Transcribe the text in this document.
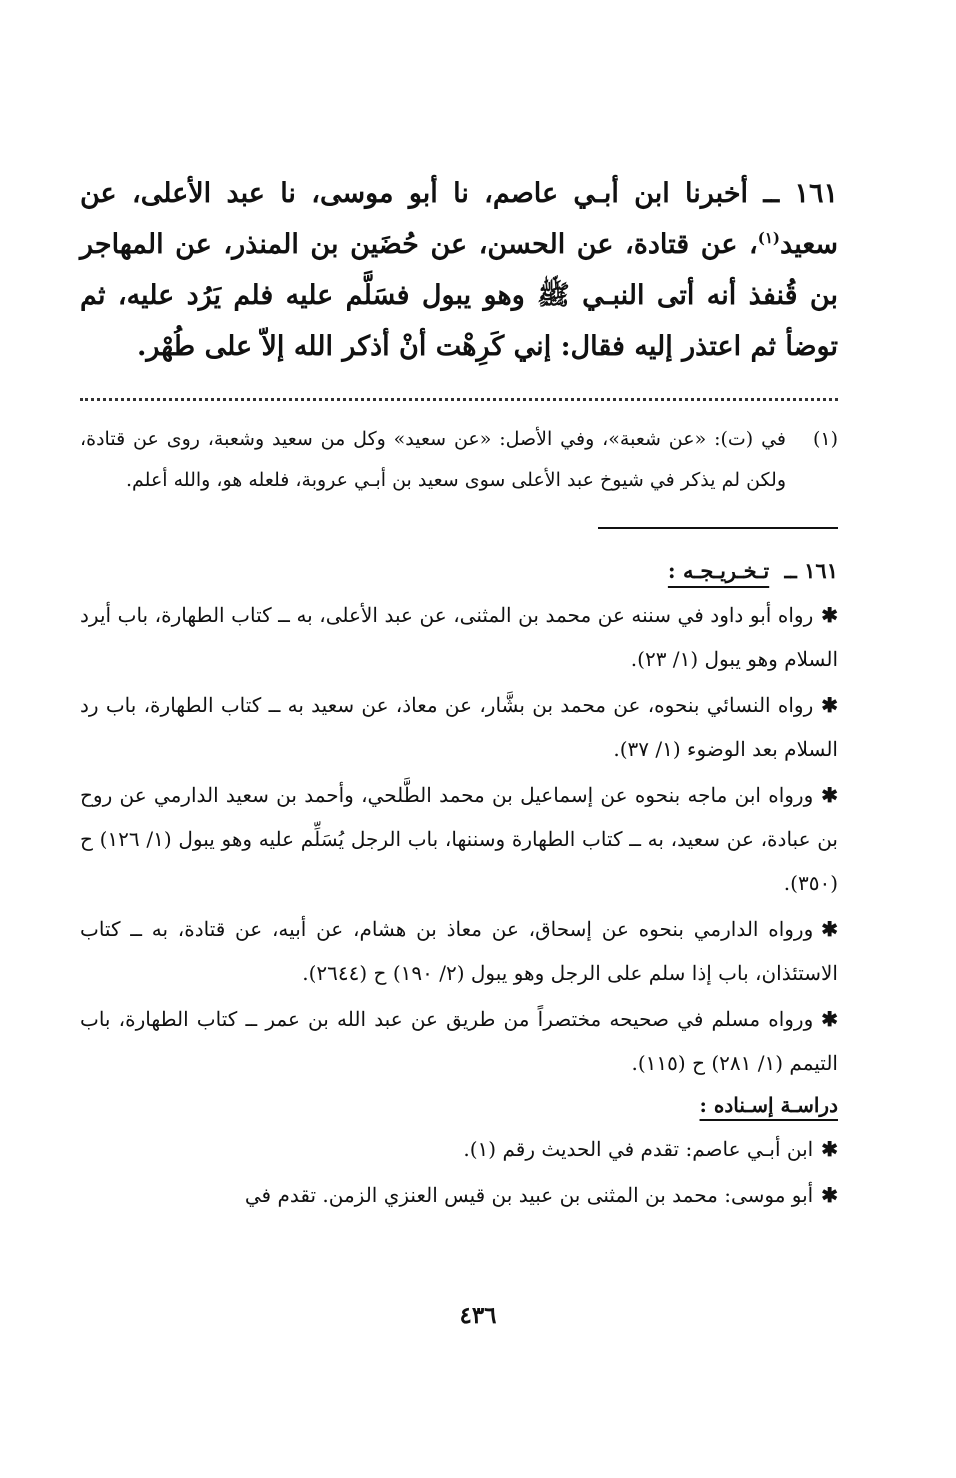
١٦١ ــ أخبرنا ابن أبـي عاصم، نا أبو موسى، نا عبد الأعلى، عن سعيد$^{(١)}$، عن قتادة، عن الحسن، عن حُضَين بن المنذر، عن المهاجر بن قُنفذ أنه أتى النبـي ﷺ وهو يبول فسَلَّم عليه فلم يَرُد عليه، ثم توضأ ثم اعتذر إليه فقال: إني كَرِهْت أنْ أذكر الله إلاّ على طُهْر.

(١)
في (ت): «عن شعبة»، وفي الأصل: «عن سعيد» وكل من سعيد وشعبة، روى عن قتادة، ولكن لم يذكر في شيوخ عبد الأعلى سوى سعيد بن أبـي عروبة، فلعله هو، والله أعلم.
١٦١ ــ تـخـريـجـه :

✱رواه أبو داود في سننه عن محمد بن المثنى، عن عبد الأعلى، به ــ كتاب الطهارة، باب أيرد السلام وهو يبول (١/ ٢٣).

✱رواه النسائي بنحوه، عن محمد بن بشَّار، عن معاذ، عن سعيد به ــ كتاب الطهارة، باب رد السلام بعد الوضوء (١/ ٣٧).

✱ورواه ابن ماجه بنحوه عن إسماعيل بن محمد الطَّلحي، وأحمد بن سعيد الدارمي عن روح بن عبادة، عن سعيد، به ــ كتاب الطهارة وسننها، باب الرجل يُسَلِّم عليه وهو يبول (١/ ١٢٦) ح (٣٥٠).

✱ورواه الدارمي بنحوه عن إسحاق، عن معاذ بن هشام، عن أبيه، عن قتادة، به ــ كتاب الاستئذان، باب إذا سلم على الرجل وهو يبول (٢/ ١٩٠) ح (٢٦٤٤).

✱ورواه مسلم في صحيحه مختصراً من طريق عن عبد الله بن عمر ــ كتاب الطهارة، باب التيمم (١/ ٢٨١) ح (١١٥).

دراسـة إسـناده :

✱ابن أبـي عاصم: تقدم في الحديث رقم (١).

✱أبو موسى: محمد بن المثنى بن عبيد بن قيس العنزي الزمن. تقدم في

٤٣٦
